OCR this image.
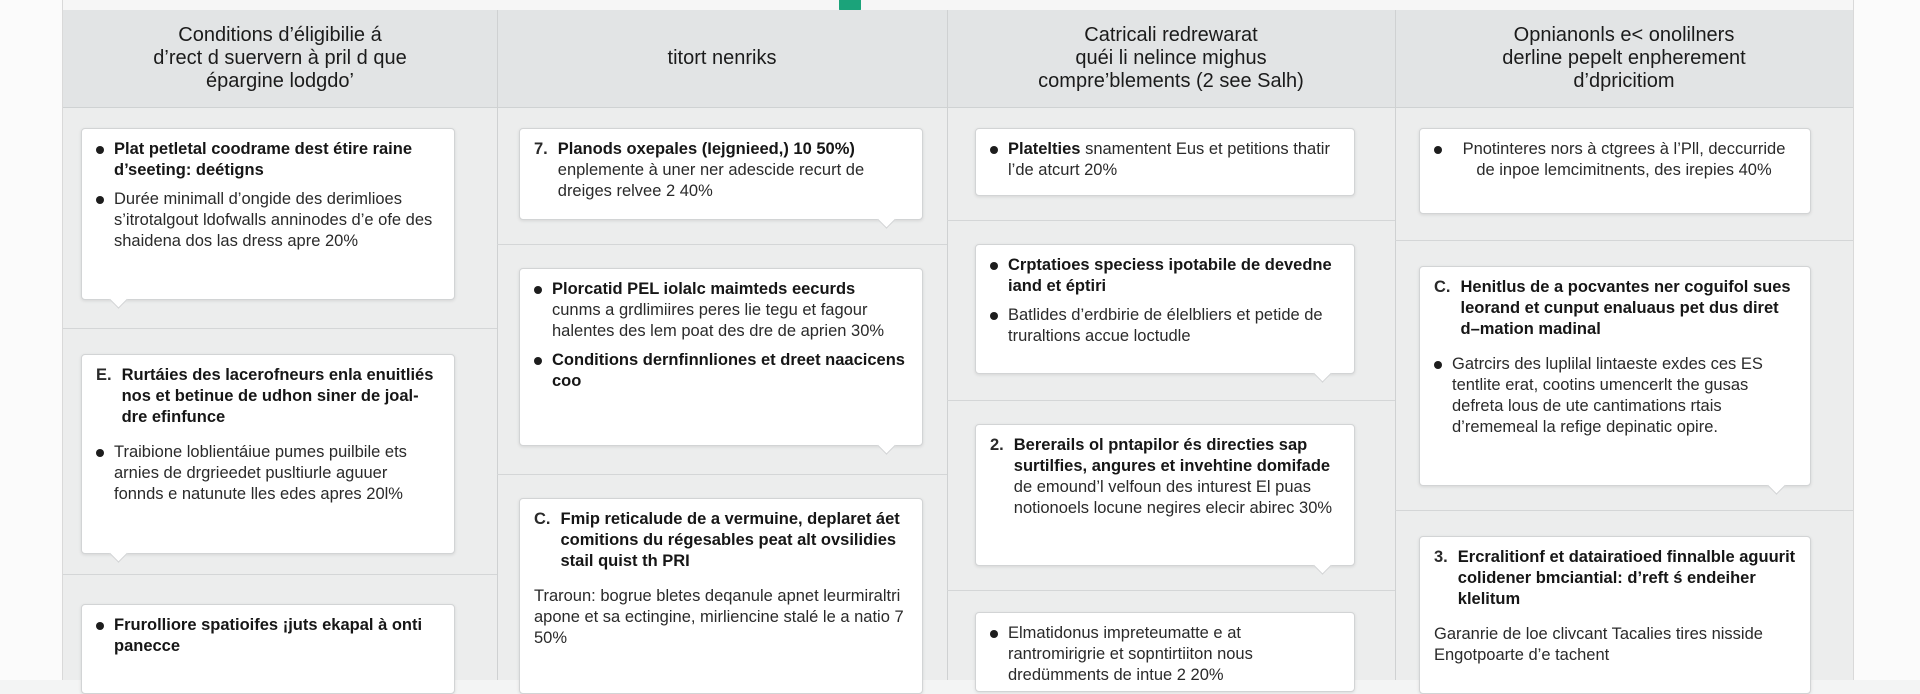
Conditions d’éligibilie á
d’rect d suervern à pril d que
épargine lodgdo’
titort nenriks
Catricali redrewarat
quéi li nelince mighus
compre’blements (2 see Salh)
Opnianonls e< onolilners
derline pepelt enpherement
d’dpricitiom
Plat petletal coodrame dest étire raine d’seeting: deétigns
Durée minimall d’ongide des derimlioes s’itrotalgout ldofwalls anninodes d’e ofe des shaidena dos las dress apre 20%
E. Rurtáies des lacerofneurs enla enuitliés nos et betinue de udhon siner de joal-dre efinfunce
Traibione loblientáiue pumes puilbile ets arnies de drgrieedet pusltiurle aguuer fonnds e natunute lles edes apres 20l%
Frurolliore spatioifes ¡juts ekapal à onti panecce
7. Planods oxepales (Iejgnieed,) 10 50%)
enplemente à uner ner adescide recurt de dreiges relvee 2 40%
Plorcatid PEL iolalc maimteds eecurds
cunms a grdlimiires peres lie tegu et fagour halentes des lem poat des dre de aprien 30%
Conditions dernfinnliones et dreet naacicens coo
C. Fmip reticalude de a vermuine, deplaret áet comitions du régesables peat alt ovsilidies stail quist th PRI
Traroun: bogrue bletes deqanule apnet leurmiraltri apone et sa ectingine, mirliencine stalé le a natio 7 50%
Platelties snamentent Eus et petitions thatir l’de atcurt 20%
Crptatioes speciess ipotabile de devedne iand et éptiri
Batlides d’erdbirie de élelbliers et petide de truraltions accue loctudle
2. Bererails ol pntapilor és directies sap surtilfies, angures et invehtine domifade de emound’l velfoun des inturest El puas notionoels locune negires elecir abirec 30%
Elmatidonus impreteumatte e at rantromirigrie et sopntirtiiton nous dredümments de intue 2 20%
Pnotinteres nors à ctgrees à l’Pll, deccurride de inpoe lemcimitnents, des irepies 40%
C. Henitlus de a pocvantes ner coguifol sues leorand et cunput enaluaus pet dus diret d–mation madinal
Gatrcirs des luplilal lintaeste exdes ces ES tentlite erat, cootins umencerlt the gusas defreta lous de ute cantimations rtais d’rememeal la refige depinatic opire.
3. Ercralitionf et datairatioed finnalble aguurit colidener bmciantial: d’reft ś endeiher klelitum
Garanrie de loe clivcant Tacalies tires nisside Engotpoarte d’e tachent
